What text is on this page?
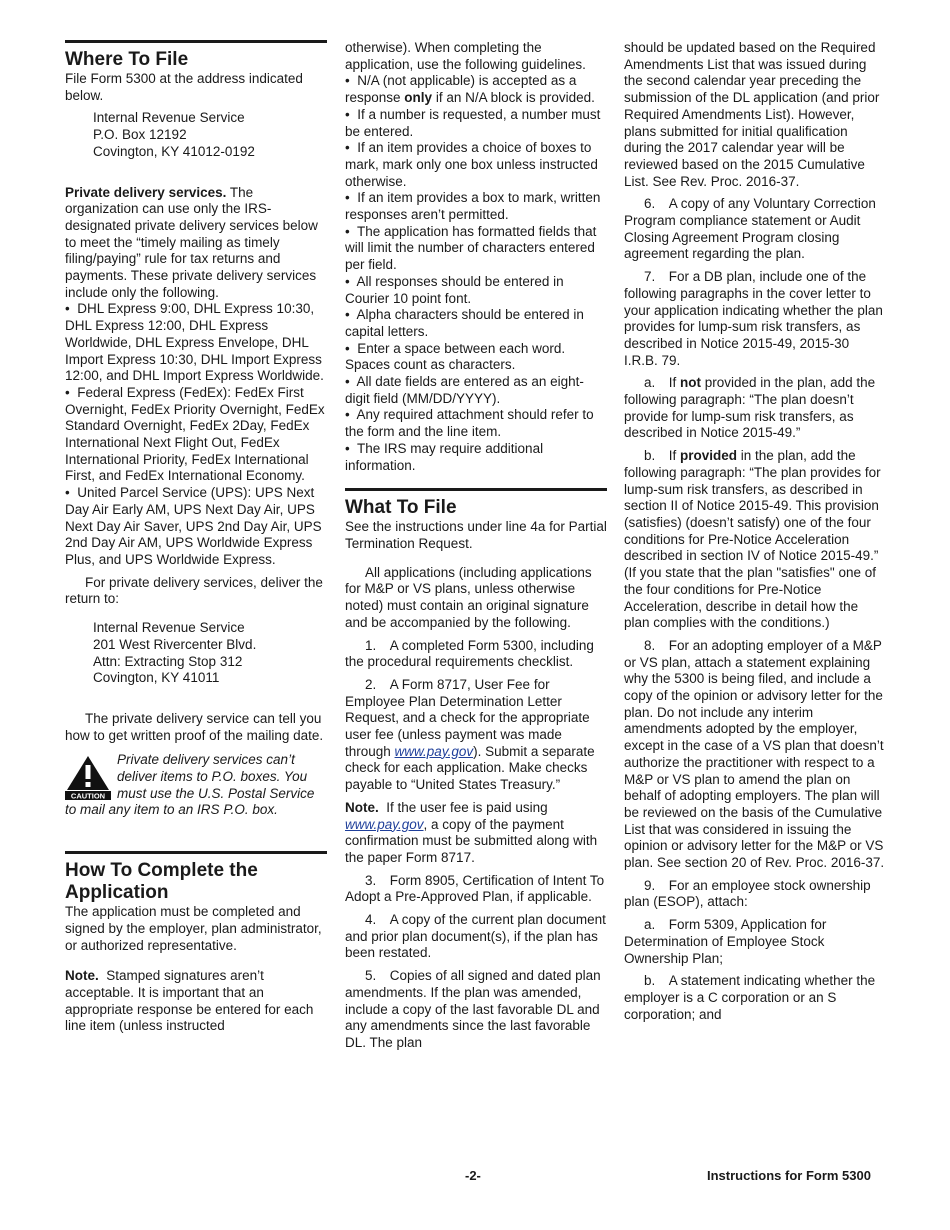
Where To File

File Form 5300 at the address indicated below.

Internal Revenue Service
P.O. Box 12192
Covington, KY 41012-0192

Private delivery services. The organization can use only the IRS-designated private delivery services below to meet the “timely mailing as timely filing/paying” rule for tax returns and payments. These private delivery services include only the following.

•  DHL Express 9:00, DHL Express 10:30, DHL Express 12:00, DHL Express Worldwide, DHL Express Envelope, DHL Import Express 10:30, DHL Import Express 12:00, and DHL Import Express Worldwide.

•  Federal Express (FedEx): FedEx First Overnight, FedEx Priority Overnight, FedEx Standard Overnight, FedEx 2Day, FedEx International Next Flight Out, FedEx International Priority, FedEx International First, and FedEx International Economy.

•  United Parcel Service (UPS): UPS Next Day Air Early AM, UPS Next Day Air, UPS Next Day Air Saver, UPS 2nd Day Air, UPS 2nd Day Air AM, UPS Worldwide Express Plus, and UPS Worldwide Express.

For private delivery services, deliver the return to:

Internal Revenue Service
201 West Rivercenter Blvd.
Attn: Extracting Stop 312
Covington, KY 41011

The private delivery service can tell you how to get written proof of the mailing date.

CAUTION
Private delivery services can’t deliver items to P.O. boxes. You must use the U.S. Postal Service to mail any item to an IRS P.O. box.
How To Complete the Application

The application must be completed and signed by the employer, plan administrator, or authorized representative.

Note. Stamped signatures aren’t acceptable. It is important that an appropriate response be entered for each line item (unless instructed

otherwise). When completing the application, use the following guidelines.

•  N/A (not applicable) is accepted as a response only if an N/A block is provided.

•  If a number is requested, a number must be entered.

•  If an item provides a choice of boxes to mark, mark only one box unless instructed otherwise.

•  If an item provides a box to mark, written responses aren’t permitted.

•  The application has formatted fields that will limit the number of characters entered per field.

•  All responses should be entered in Courier 10 point font.

•  Alpha characters should be entered in capital letters.

•  Enter a space between each word. Spaces count as characters.

•  All date fields are entered as an eight-digit field (MM/DD/YYYY).

•  Any required attachment should refer to the form and the line item.

•  The IRS may require additional information.

What To File

See the instructions under line 4a for Partial Termination Request.

All applications (including applications for M&P or VS plans, unless otherwise noted) must contain an original signature and be accompanied by the following.

1. A completed Form 5300, including the procedural requirements checklist.

2. A Form 8717, User Fee for Employee Plan Determination Letter Request, and a check for the appropriate user fee (unless payment was made through www.pay.gov). Submit a separate check for each application. Make checks payable to “United States Treasury.”

Note. If the user fee is paid using www.pay.gov, a copy of the payment confirmation must be submitted along with the paper Form 8717.

3. Form 8905, Certification of Intent To Adopt a Pre-Approved Plan, if applicable.

4. A copy of the current plan document and prior plan document(s), if the plan has been restated.

5. Copies of all signed and dated plan amendments. If the plan was amended, include a copy of the last favorable DL and any amendments since the last favorable DL. The plan

should be updated based on the Required Amendments List that was issued during the second calendar year preceding the submission of the DL application (and prior Required Amendments List). However, plans submitted for initial qualification during the 2017 calendar year will be reviewed based on the 2015 Cumulative List. See Rev. Proc. 2016-37.

6. A copy of any Voluntary Correction Program compliance statement or Audit Closing Agreement Program closing agreement regarding the plan.

7. For a DB plan, include one of the following paragraphs in the cover letter to your application indicating whether the plan provides for lump-sum risk transfers, as described in Notice 2015-49, 2015-30 I.R.B. 79.

a. If not provided in the plan, add the following paragraph: “The plan doesn’t provide for lump-sum risk transfers, as described in Notice 2015-49.”

b. If provided in the plan, add the following paragraph: “The plan provides for lump-sum risk transfers, as described in section II of Notice 2015-49. This provision (satisfies) (doesn’t satisfy) one of the four conditions for Pre-Notice Acceleration described in section IV of Notice 2015-49.” (If you state that the plan "satisfies" one of the four conditions for Pre-Notice Acceleration, describe in detail how the plan complies with the conditions.)

8. For an adopting employer of a M&P or VS plan, attach a statement explaining why the 5300 is being filed, and include a copy of the opinion or advisory letter for the plan. Do not include any interim amendments adopted by the employer, except in the case of a VS plan that doesn’t authorize the practitioner with respect to a M&P or VS plan to amend the plan on behalf of adopting employers. The plan will be reviewed on the basis of the Cumulative List that was considered in issuing the opinion or advisory letter for the M&P or VS plan. See section 20 of Rev. Proc. 2016-37.

9. For an employee stock ownership plan (ESOP), attach:

a. Form 5309, Application for Determination of Employee Stock Ownership Plan;

b. A statement indicating whether the employer is a C corporation or an S corporation; and

-2-	Instructions for Form 5300
